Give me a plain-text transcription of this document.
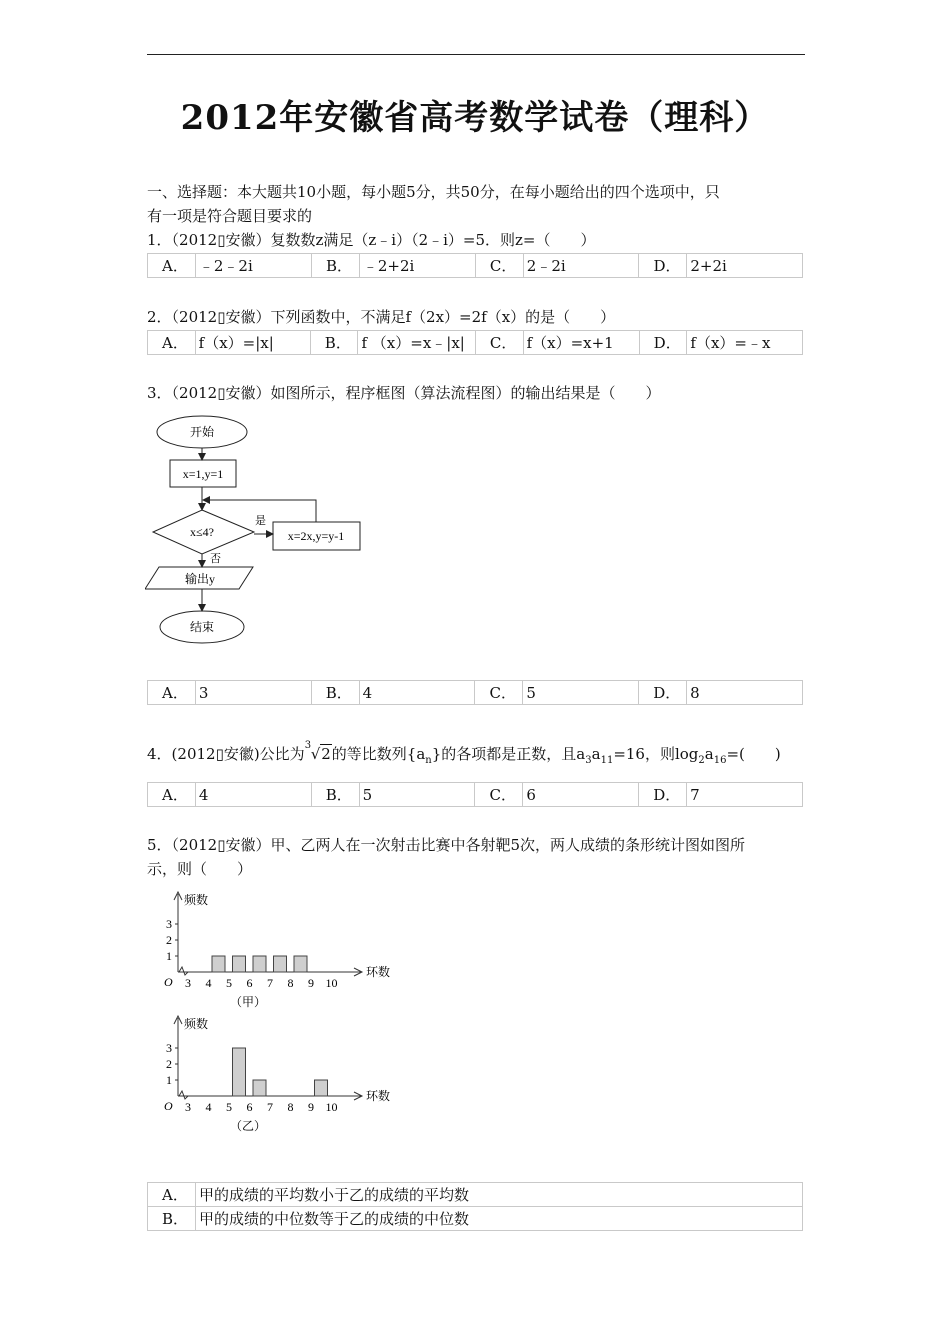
2012年安徽省高考数学试卷（理科）
一、选择题：本大题共10小题，每小题5分，共50分，在每小题给出的四个选项中，只
有一项是符合题目要求的
1．（2012▯安徽）复数数z满足（z﹣i）（2﹣i）=5．则z=（　　）
A．	﹣2﹣2i	B．	﹣2+2i	C．	2﹣2i	D．	2+2i
2．（2012▯安徽）下列函数中，不满足f（2x）=2f（x）的是（　　）
A．	f（x）=|x|	B．	f （x）=x﹣|x|	C．	f（x）=x+1	D．	f（x）=﹣x
3．（2012▯安徽）如图所示，程序框图（算法流程图）的输出结果是（　　）
开始
x=1,y=1
x≤4?
是
x=2x,y=y-1
否
输出y
结束
A．	3	B．	4	C．	5	D．	8
4．(2012▯安徽)公比为 3 √2的等比数列$\{a_n\}$的各项都是正数，且$a_3a_{11}=16$，则$\log_2a_{16}=$(　　)
A．	4	B．	5	C．	6	D．	7
5．（2012▯安徽）甲、乙两人在一次射击比赛中各射靶5次，两人成绩的条形统计图如图所
示，则（　　）
频数
环数
O
1
2
3
3 4 5 6 7 8 9 10
（甲）
频数
环数
O
1
2
3
3 4 5 6 7 8 9 10
（乙）
A．	甲的成绩的平均数小于乙的成绩的平均数
B．	甲的成绩的中位数等于乙的成绩的中位数
